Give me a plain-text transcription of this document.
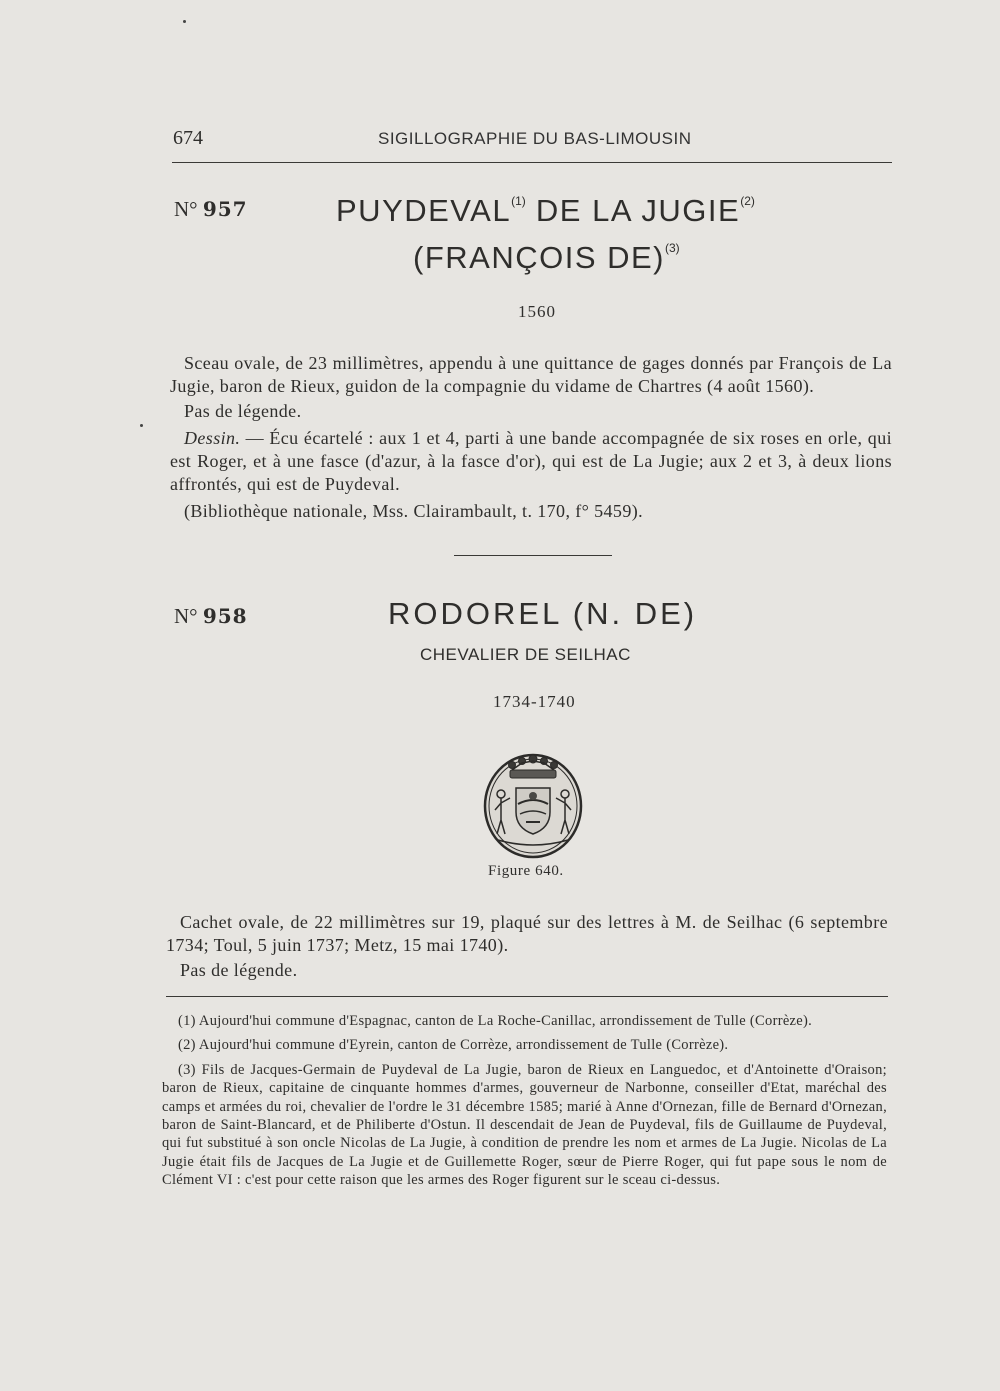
674	SIGILLOGRAPHIE DU BAS-LIMOUSIN
N° 957	PUYDEVAL$^{(1)}$ DE LA JUGIE$^{(2)}$
(FRANÇOIS DE)$^{(3)}$
1560

Sceau ovale, de 23 millimètres, appendu à une quittance de gages donnés par François de La Jugie, baron de Rieux, guidon de la compagnie du vidame de Chartres (4 août 1560).

Pas de légende.

Dessin. — Écu écartelé : aux 1 et 4, parti à une bande accompagnée de six roses en orle, qui est Roger, et à une fasce (d'azur, à la fasce d'or), qui est de La Jugie; aux 2 et 3, à deux lions affrontés, qui est de Puydeval.

(Bibliothèque nationale, Mss. Clairambault, t. 170, f° 5459).

N° 958	RODOREL (N. DE)
CHEVALIER DE SEILHAC
1734-1740
Figure 640.

Cachet ovale, de 22 millimètres sur 19, plaqué sur des lettres à M. de Seilhac (6 septembre 1734; Toul, 5 juin 1737; Metz, 15 mai 1740).

Pas de légende.

(1) Aujourd'hui commune d'Espagnac, canton de La Roche-Canillac, arrondissement de Tulle (Corrèze).

(2) Aujourd'hui commune d'Eyrein, canton de Corrèze, arrondissement de Tulle (Corrèze).

(3) Fils de Jacques-Germain de Puydeval de La Jugie, baron de Rieux en Languedoc, et d'Antoinette d'Oraison; baron de Rieux, capitaine de cinquante hommes d'armes, gouverneur de Narbonne, conseiller d'Etat, maréchal des camps et armées du roi, chevalier de l'ordre le 31 décembre 1585; marié à Anne d'Ornezan, fille de Bernard d'Ornezan, baron de Saint-Blancard, et de Philiberte d'Ostun. Il descendait de Jean de Puydeval, fils de Guillaume de Puydeval, qui fut substitué à son oncle Nicolas de La Jugie, à condition de prendre les nom et armes de La Jugie. Nicolas de La Jugie était fils de Jacques de La Jugie et de Guillemette Roger, sœur de Pierre Roger, qui fut pape sous le nom de Clément VI : c'est pour cette raison que les armes des Roger figurent sur le sceau ci-dessus.
